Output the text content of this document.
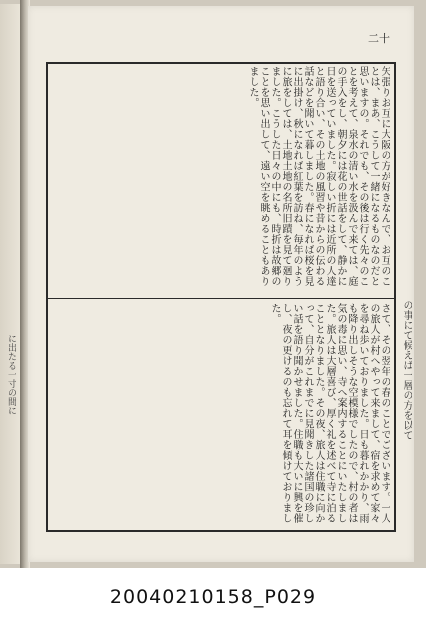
に出たる一寸の間に
二十
矢張りお互に大阪の方が好きなんで、お互のことは、まあ、こうして一緒になるものなのだと思いますの。それでも、その後は行く先々のことを考えて、泉水の清い水を汲んで来ては、庭の手入をし、朝夕には花の世話をして、静かに日を送っていました。寂しい折には近所の人達と語り合い、その土地の風習や昔からの伝わる話などを聞いて暮しました。春になれば桜を見に出掛け、秋になれば紅葉を訪ね、毎年のように旅をしては、土地土地の名所旧蹟を見て廻りました。こうした日々の中にも、時折は故郷のことを思い出して、遠い空を眺めることもありました。
さて、その翌年の春のことでございます。一人の旅人が村へやって来まして、宿を求めて家々を尋ね歩いておりました。日も暮れかかり、雨も降り出しそうな空模様でしたので、村の者は気の毒に思い、寺へ案内することにいたしました。旅人は大層喜び、厚く礼を述べて寺に泊ることとなりました。その夜、旅人は住職に向かって、自分がこれまでに見聞きした諸国の珍しい話を語り聞かせました。住職も大いに興を催し、夜の更けるのも忘れて耳を傾けておりました。	の事にて候えば一層の方を以て
20040210158_P029
